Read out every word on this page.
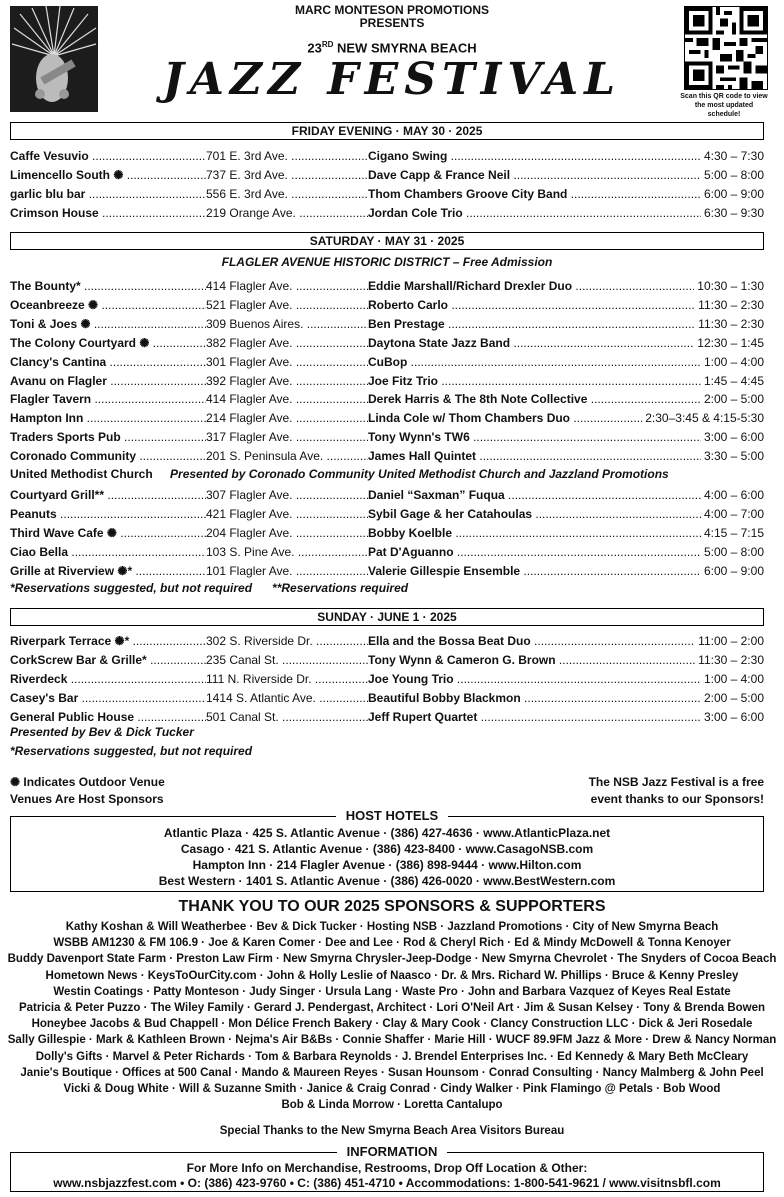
MARC MONTESON PROMOTIONS
PRESENTS
23RD NEW SMYRNA BEACH
JAZZ FESTIVAL	Scan this QR code to view the most updated schedule!
FRIDAY EVENING · MAY 30 · 2025
Caffe Vesuvio .....	701 E. 3rd Ave. .....	Cigano Swing .....	4:30 – 7:30
Limencello South ✺ .....	737 E. 3rd Ave. .....	Dave Capp & France Neil .....	5:00 – 8:00
garlic blu bar .....	556 E. 3rd Ave. .....	Thom Chambers Groove City Band .....	6:00 – 9:00
Crimson House .....	219 Orange Ave. .....	Jordan Cole Trio .....	6:30 – 9:30
SATURDAY · MAY 31 · 2025
FLAGLER AVENUE HISTORIC DISTRICT – Free Admission
The Bounty* .....	414 Flagler Ave. .....	Eddie Marshall/Richard Drexler Duo .....	10:30 – 1:30
Oceanbreeze ✺ .....	521 Flagler Ave. .....	Roberto Carlo .....	11:30 – 2:30
Toni & Joes ✺ .....	309 Buenos Aires. .....	Ben Prestage .....	11:30 – 2:30
The Colony Courtyard ✺ .....	382 Flagler Ave. .....	Daytona State Jazz Band .....	12:30 – 1:45
Clancy's Cantina .....	301 Flagler Ave. .....	CuBop .....	1:00 – 4:00
Avanu on Flagler .....	392 Flagler Ave. .....	Joe Fitz Trio .....	1:45 – 4:45
Flagler Tavern .....	414 Flagler Ave. .....	Derek Harris & The 8th Note Collective .....	2:00 – 5:00
Hampton Inn .....	214 Flagler Ave. .....	Linda Cole w/ Thom Chambers Duo .....	2:30–3:45 & 4:15-5:30
Traders Sports Pub .....	317 Flagler Ave. .....	Tony Wynn's TW6 .....	3:00 – 6:00
Coronado Community .....	201 S. Peninsula Ave. .....	James Hall Quintet .....	3:30 – 5:00
United Methodist Church Presented by Coronado Community United Methodist Church and Jazzland Promotions
Courtyard Grill** .....	307 Flagler Ave. .....	Daniel “Saxman” Fuqua .....	4:00 – 6:00
Peanuts .....	421 Flagler Ave. .....	Sybil Gage & her Catahoulas .....	4:00 – 7:00
Third Wave Cafe ✺ .....	204 Flagler Ave. .....	Bobby Koelble .....	4:15 – 7:15
Ciao Bella .....	103 S. Pine Ave. .....	Pat D'Aguanno .....	5:00 – 8:00
Grille at Riverview ✺* .....	101 Flagler Ave. .....	Valerie Gillespie Ensemble .....	6:00 – 9:00
*Reservations suggested, but not required      **Reservations required
SUNDAY · JUNE 1 · 2025
Riverpark Terrace ✺* .....	302 S. Riverside Dr. .....	Ella and the Bossa Beat Duo .....	11:00 – 2:00
CorkScrew Bar & Grille* .....	235 Canal St. .....	Tony Wynn & Cameron G. Brown .....	11:30 – 2:30
Riverdeck .....	111 N. Riverside Dr. .....	Joe Young Trio .....	1:00 – 4:00
Casey's Bar .....	1414 S. Atlantic Ave. .....	Beautiful Bobby Blackmon .....	2:00 – 5:00
General Public House .....	501 Canal St. .....	Jeff Rupert Quartet .....	3:00 – 6:00
Presented by Bev & Dick Tucker
*Reservations suggested, but not required
✺ Indicates Outdoor Venue
Venues Are Host Sponsors
The NSB Jazz Festival is a free
event thanks to our Sponsors!
HOST HOTELS
Atlantic Plaza · 425 S. Atlantic Avenue · (386) 427-4636 · www.AtlanticPlaza.net
Casago · 421 S. Atlantic Avenue · (386) 423-8400 · www.CasagoNSB.com
Hampton Inn · 214 Flagler Avenue · (386) 898-9444 · www.Hilton.com
Best Western · 1401 S. Atlantic Avenue · (386) 426-0020 · www.BestWestern.com
THANK YOU TO OUR 2025 SPONSORS & SUPPORTERS
Kathy Koshan & Will Weatherbee · Bev & Dick Tucker · Hosting NSB · Jazzland Promotions · City of New Smyrna Beach
WSBB AM1230 & FM 106.9 · Joe & Karen Comer · Dee and Lee · Rod & Cheryl Rich · Ed & Mindy McDowell & Tonna Kenoyer
Buddy Davenport State Farm · Preston Law Firm · New Smyrna Chrysler-Jeep-Dodge · New Smyrna Chevrolet · The Snyders of Cocoa Beach
Hometown News · KeysToOurCity.com · John & Holly Leslie of Naasco · Dr. & Mrs. Richard W. Phillips · Bruce & Kenny Presley
Westin Coatings · Patty Monteson · Judy Singer · Ursula Lang · Waste Pro · John and Barbara Vazquez of Keyes Real Estate
Patricia & Peter Puzzo · The Wiley Family · Gerard J. Pendergast, Architect · Lori O'Neil Art · Jim & Susan Kelsey · Tony & Brenda Bowen
Honeybee Jacobs & Bud Chappell · Mon Délice French Bakery · Clay & Mary Cook · Clancy Construction LLC · Dick & Jeri Rosedale
Sally Gillespie · Mark & Kathleen Brown · Nejma's Air B&Bs · Connie Shaffer · Marie Hill · WUCF 89.9FM Jazz & More · Drew & Nancy Norman
Dolly's Gifts · Marvel & Peter Richards · Tom & Barbara Reynolds · J. Brendel Enterprises Inc. · Ed Kennedy & Mary Beth McCleary
Janie's Boutique · Offices at 500 Canal · Mando & Maureen Reyes · Susan Hounsom · Conrad Consulting · Nancy Malmberg & John Peel
Vicki & Doug White · Will & Suzanne Smith · Janice & Craig Conrad · Cindy Walker · Pink Flamingo @ Petals · Bob Wood
Bob & Linda Morrow · Loretta Cantalupo
Special Thanks to the New Smyrna Beach Area Visitors Bureau
INFORMATION
For More Info on Merchandise, Restrooms, Drop Off Location & Other:
www.nsbjazzfest.com • O: (386) 423-9760 • C: (386) 451-4710 • Accommodations: 1-800-541-9621 / www.visitnsbfl.com
